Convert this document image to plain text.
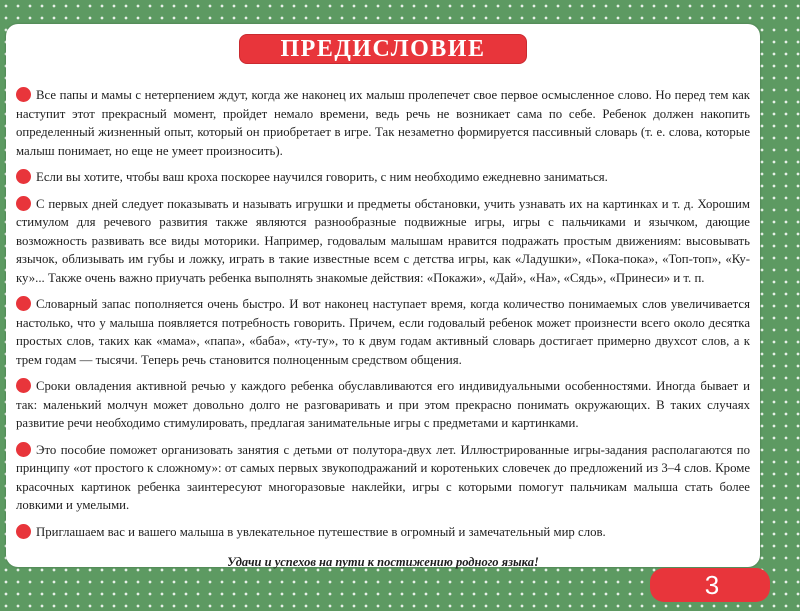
ПРЕДИСЛОВИЕ

Все папы и мамы с нетерпением ждут, когда же наконец их малыш пролепечет свое первое осмысленное слово. Но перед тем как наступит этот прекрасный момент, пройдет немало времени, ведь речь не возникает сама по себе. Ребенок должен накопить определенный жизненный опыт, который он приобретает в игре. Так незаметно формируется пассивный словарь (т. е. слова, которые малыш понимает, но еще не умеет произносить).

Если вы хотите, чтобы ваш кроха поскорее научился говорить, с ним необходимо ежедневно заниматься.

С первых дней следует показывать и называть игрушки и предметы обстановки, учить узнавать их на картинках и т. д. Хорошим стимулом для речевого развития также являются разнообразные подвижные игры, игры с пальчиками и язычком, дающие возможность развивать все виды моторики. Например, годовалым малышам нравится подражать простым движениям: высовывать язычок, облизывать им губы и ложку, играть в такие известные всем с детства игры, как «Ладушки», «Пока-пока», «Топ-топ», «Ку-ку»... Также очень важно приучать ребенка выполнять знакомые действия: «Покажи», «Дай», «На», «Сядь», «Принеси» и т. п.

Словарный запас пополняется очень быстро. И вот наконец наступает время, когда количество понимаемых слов увеличивается настолько, что у малыша появляется потребность говорить. Причем, если годовалый ребенок может произнести всего около десятка простых слов, таких как «мама», «папа», «баба», «ту-ту», то к двум годам активный словарь достигает примерно двухсот слов, а к трем годам — тысячи. Теперь речь становится полноценным средством общения.

Сроки овладения активной речью у каждого ребенка обуславливаются его индивидуальными особенностями. Иногда бывает и так: маленький молчун может довольно долго не разговаривать и при этом прекрасно понимать окружающих. В таких случаях развитие речи необходимо стимулировать, предлагая занимательные игры с предметами и картинками.

Это пособие поможет организовать занятия с детьми от полутора-двух лет. Иллюстрированные игры-задания располагаются по принципу «от простого к сложному»: от самых первых звукоподражаний и коротеньких словечек до предложений из 3–4 слов. Кроме красочных картинок ребенка заинтересуют многоразовые наклейки, игры с которыми помогут пальчикам малыша стать более ловкими и умелыми.

Приглашаем вас и вашего малыша в увлекательное путешествие в огромный и замечательный мир слов.

Удачи и успехов на пути к постижению родного языка!
3
